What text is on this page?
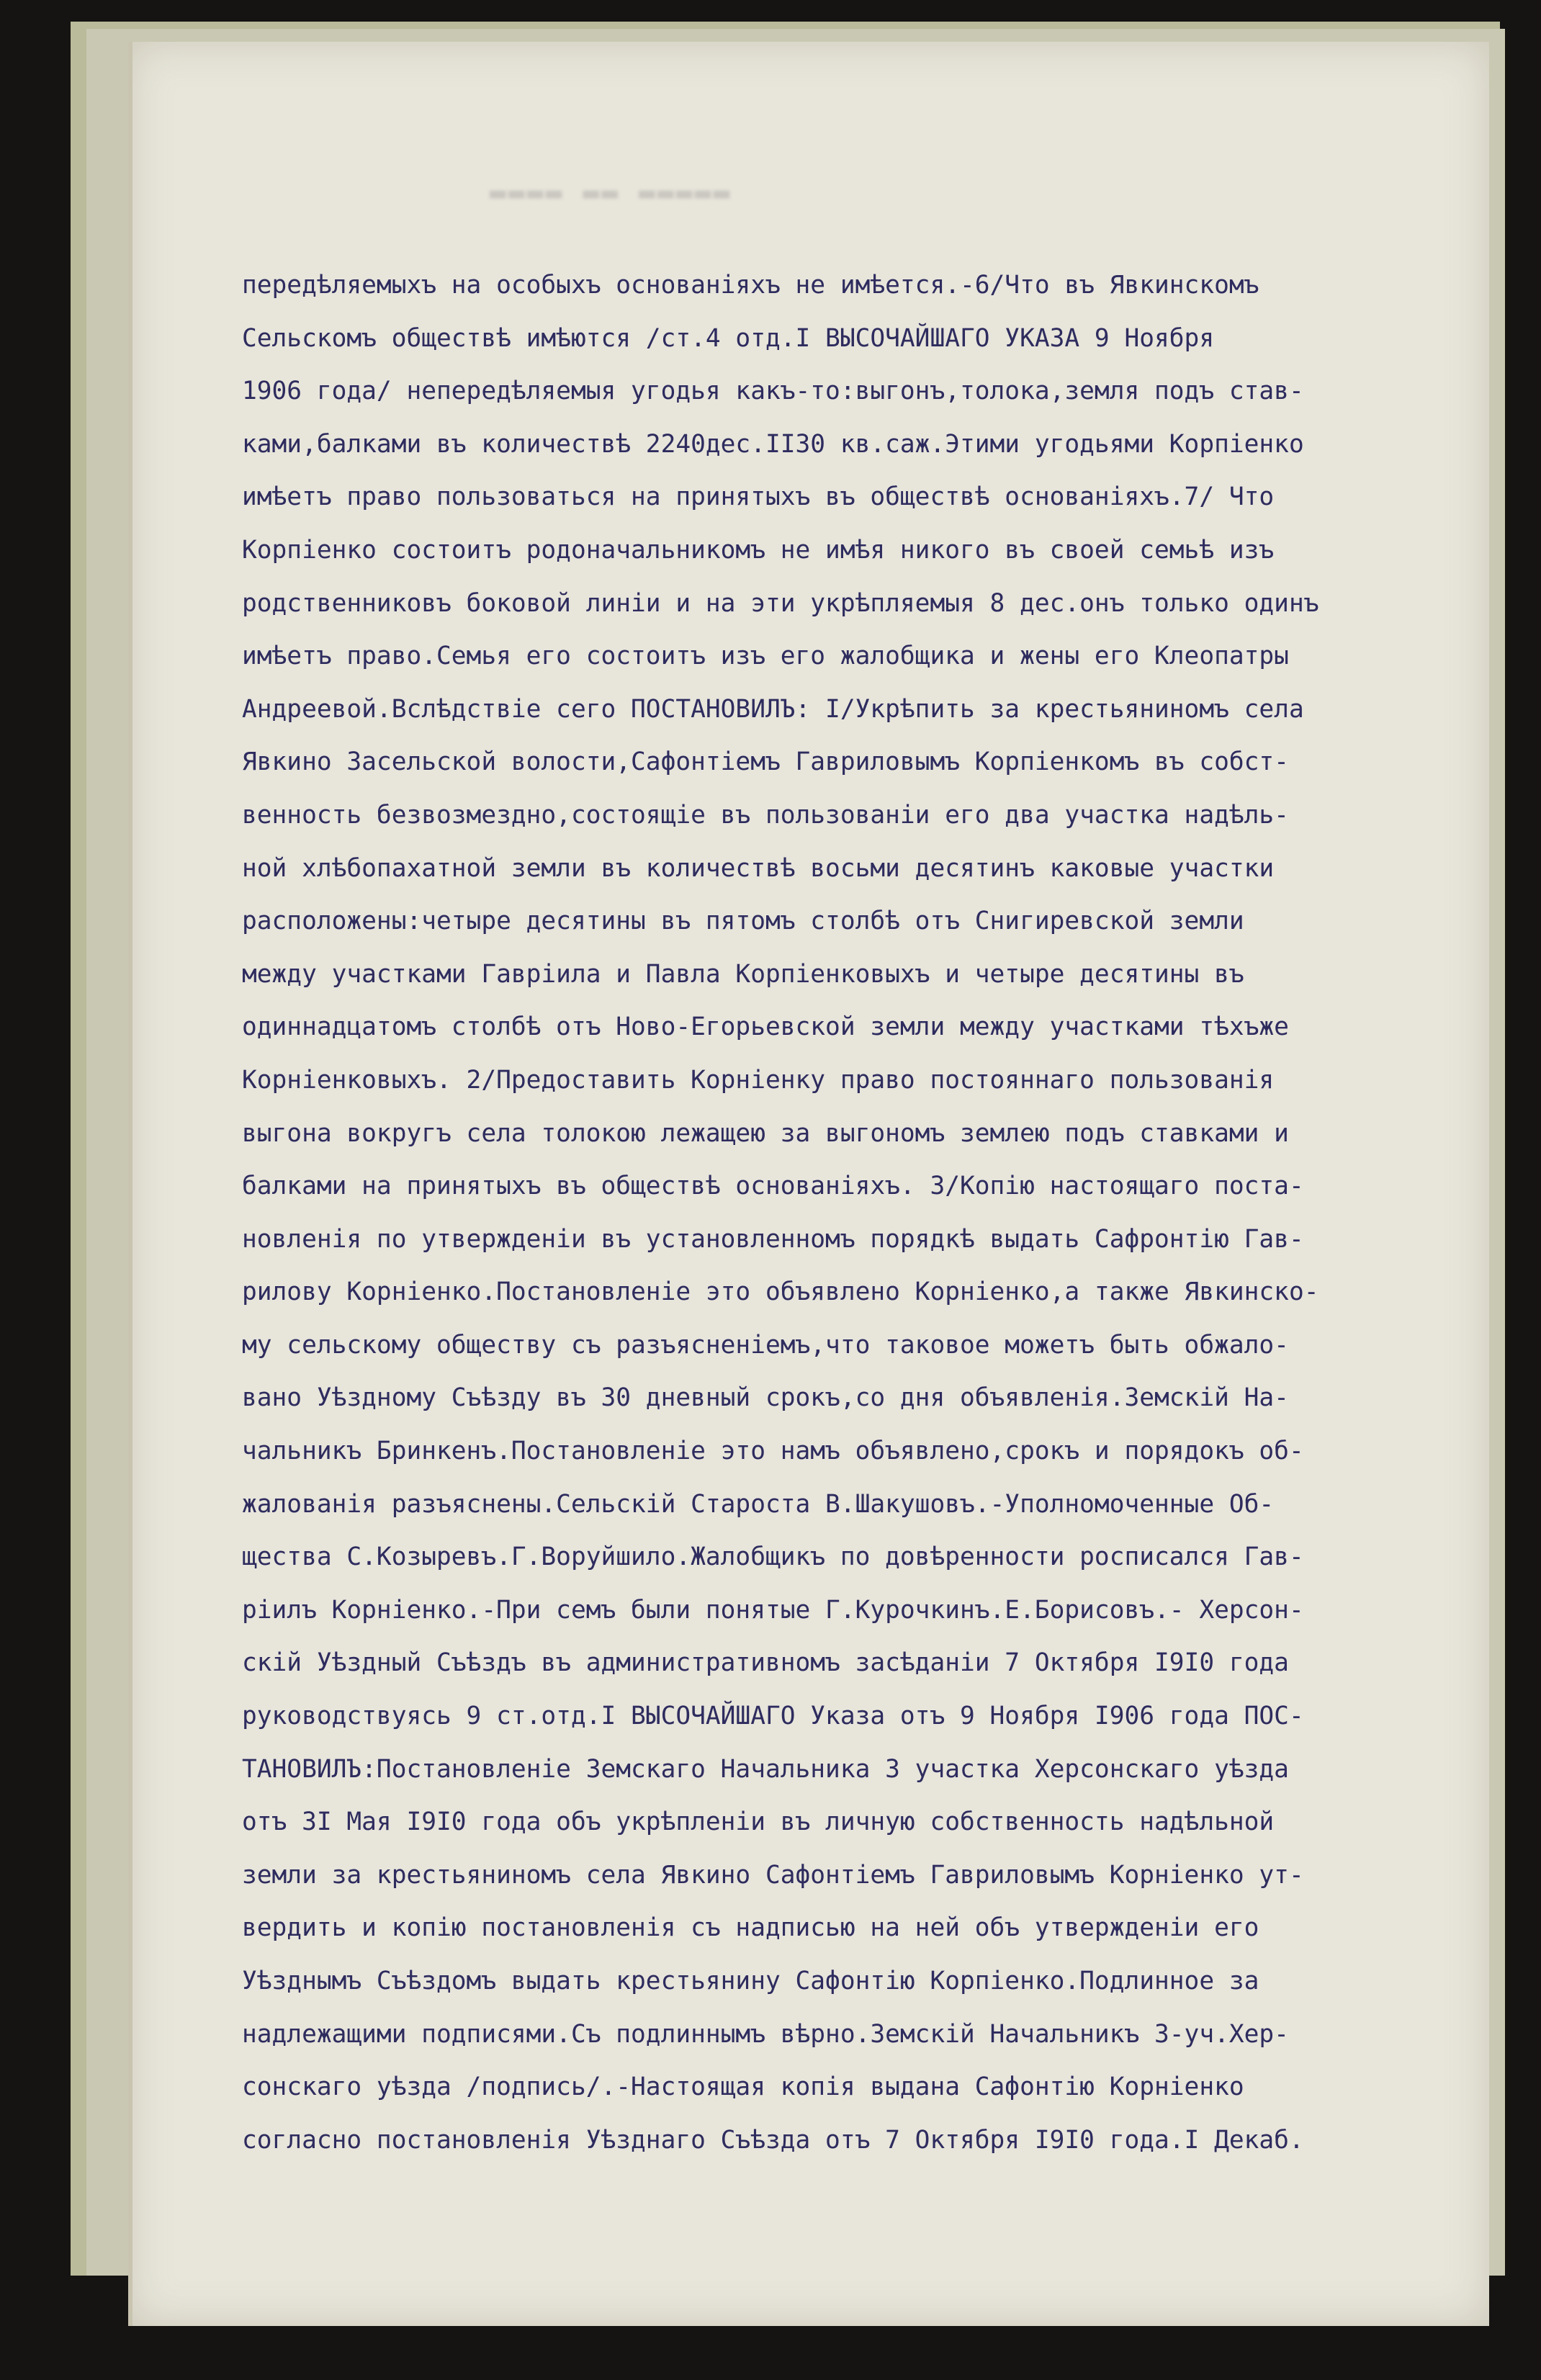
▬▬▬▬ ▬▬ ▬▬▬▬▬
передѣляемыхъ на особыхъ основаніяхъ не имѣется.-6/Что въ Явкинскомъ
Сельскомъ обществѣ имѣются /ст.4 отд.I ВЫСОЧАЙШАГО УКАЗА 9 Ноября
1906 года/ непередѣляемыя угодья какъ-то:выгонъ,толока,земля подъ став-
ками,балками въ количествѣ 2240дес.II30 кв.саж.Этими угодьями Корпіенко
имѣетъ право пользоваться на принятыхъ въ обществѣ основаніяхъ.7/ Что
Корпіенко состоитъ родоначальникомъ не имѣя никого въ своей семьѣ изъ
родственниковъ боковой линіи и на эти укрѣпляемыя 8 дес.онъ только одинъ
имѣетъ право.Семья его состоитъ изъ его жалобщика и жены его Клеопатры
Андреевой.Вслѣдствіе сего ПОСТАНОВИЛЪ: I/Укрѣпить за крестьяниномъ села
Явкино Засельской волости,Сафонтіемъ Гавриловымъ Корпіенкомъ въ собст-
венность безвозмездно,состоящіе въ пользованіи его два участка надѣль-
ной хлѣбопахатной земли въ количествѣ восьми десятинъ каковые участки
расположены:четыре десятины въ пятомъ столбѣ отъ Снигиревской земли
между участками Гавріила и Павла Корпіенковыхъ и четыре десятины въ
одиннадцатомъ столбѣ отъ Ново-Егорьевской земли между участками тѣхъже
Корнiенковыхъ. 2/Предоставить Корніенку право постояннаго пользованія
выгона вокругъ села толокою лежащею за выгономъ землею подъ ставками и
балками на принятыхъ въ обществѣ основаніяхъ. 3/Копію настоящаго поста-
новленія по утвержденіи въ установленномъ порядкѣ выдать Сафронтію Гав-
рилову Корніенко.Постановленіе это объявлено Корніенко,а также Явкинско-
му сельскому обществу съ разъясненіемъ,что таковое можетъ быть обжало-
вано Уѣздному Съѣзду въ 30 дневный срокъ,со дня объявленія.Земскій На-
чальникъ Бринкенъ.Постановленіе это намъ объявлено,срокъ и порядокъ об-
жалованія разъяснены.Сельскій Староста В.Шакушовъ.-Уполномоченные Об-
щества С.Козыревъ.Г.Воруйшило.Жалобщикъ по довѣренности росписался Гав-
ріилъ Корніенко.-При семъ были понятые Г.Курочкинъ.Е.Борисовъ.- Херсон-
скій Уѣздный Съѣздъ въ административномъ засѣданіи 7 Октября I9I0 года
руководствуясь 9 ст.отд.I ВЫСОЧАЙШАГО Указа отъ 9 Ноября I906 года ПОС-
ТАНОВИЛЪ:Постановленіе Земскаго Начальника 3 участка Херсонскаго уѣзда
отъ 3I Мая I9I0 года объ укрѣпленіи въ личную собственность надѣльной
земли за крестьяниномъ села Явкино Сафонтіемъ Гавриловымъ Корніенко ут-
вердить и копію постановленія съ надписью на ней объ утвержденіи его
Уѣзднымъ Съѣздомъ выдать крестьянину Сафонтію Корпіенко.Подлинное за
надлежащими подписями.Съ подлиннымъ вѣрно.Земскій Начальникъ 3-уч.Хер-
сонскаго уѣзда /подпись/.-Настоящая копія выдана Сафонтію Корніенко
согласно постановленія Уѣзднаго Съѣзда отъ 7 Октября I9I0 года.I Декаб.
